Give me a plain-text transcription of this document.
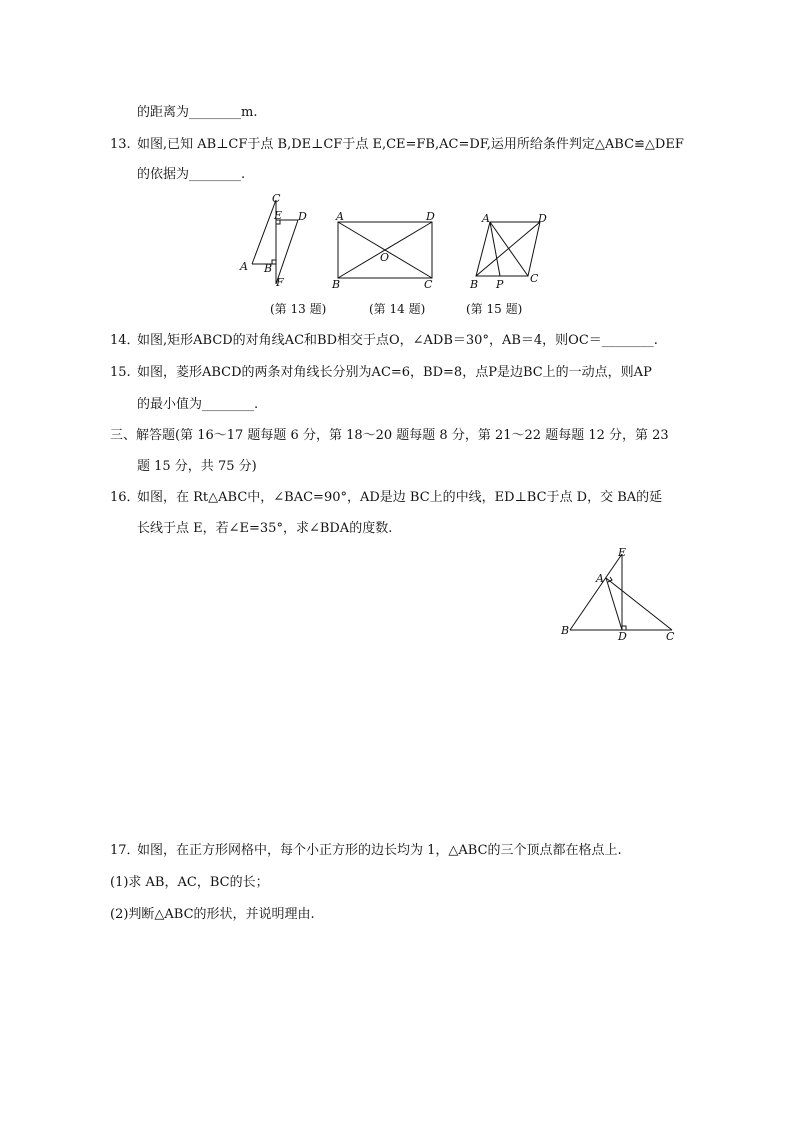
的距离为________m.
13. 如图,已知 AB⊥CF于点 B,DE⊥CF于点 E,CE=FB,AC=DF,运用所给条件判定△ABC≌△DEF
的依据为________.
C
E D
A B
F
A	D
O
B	C
A	D
B P C
(第 13 题)	(第 14 题)	(第 15 题)
14．
如图,矩形ABCD的对角线AC和BD相交于点O，∠ADB＝30°，AB＝4，则OC＝________.
15. 如图，菱形ABCD的两条对角线长分别为AC=6，BD=8，点P是边BC上的一动点，则AP
的最小值为________.
三、解答题(第 16～17 题每题 6 分，第 18～20 题每题 8 分，第 21～22 题每题 12 分，第 23
题 15 分，共 75 分)
16．
如图，在 Rt△ABC中，∠BAC=90°，AD是边 BC上的中线，ED⊥BC于点 D，交 BA的延
长线于点 E，若∠E=35°，求∠BDA的度数.
E
A
B	D	C
17．
如图，在正方形网格中，每个小正方形的边长均为 1，△ABC的三个顶点都在格点上.
(1)求 AB，AC，BC的长；
(2)判断△ABC的形状，并说明理由.
